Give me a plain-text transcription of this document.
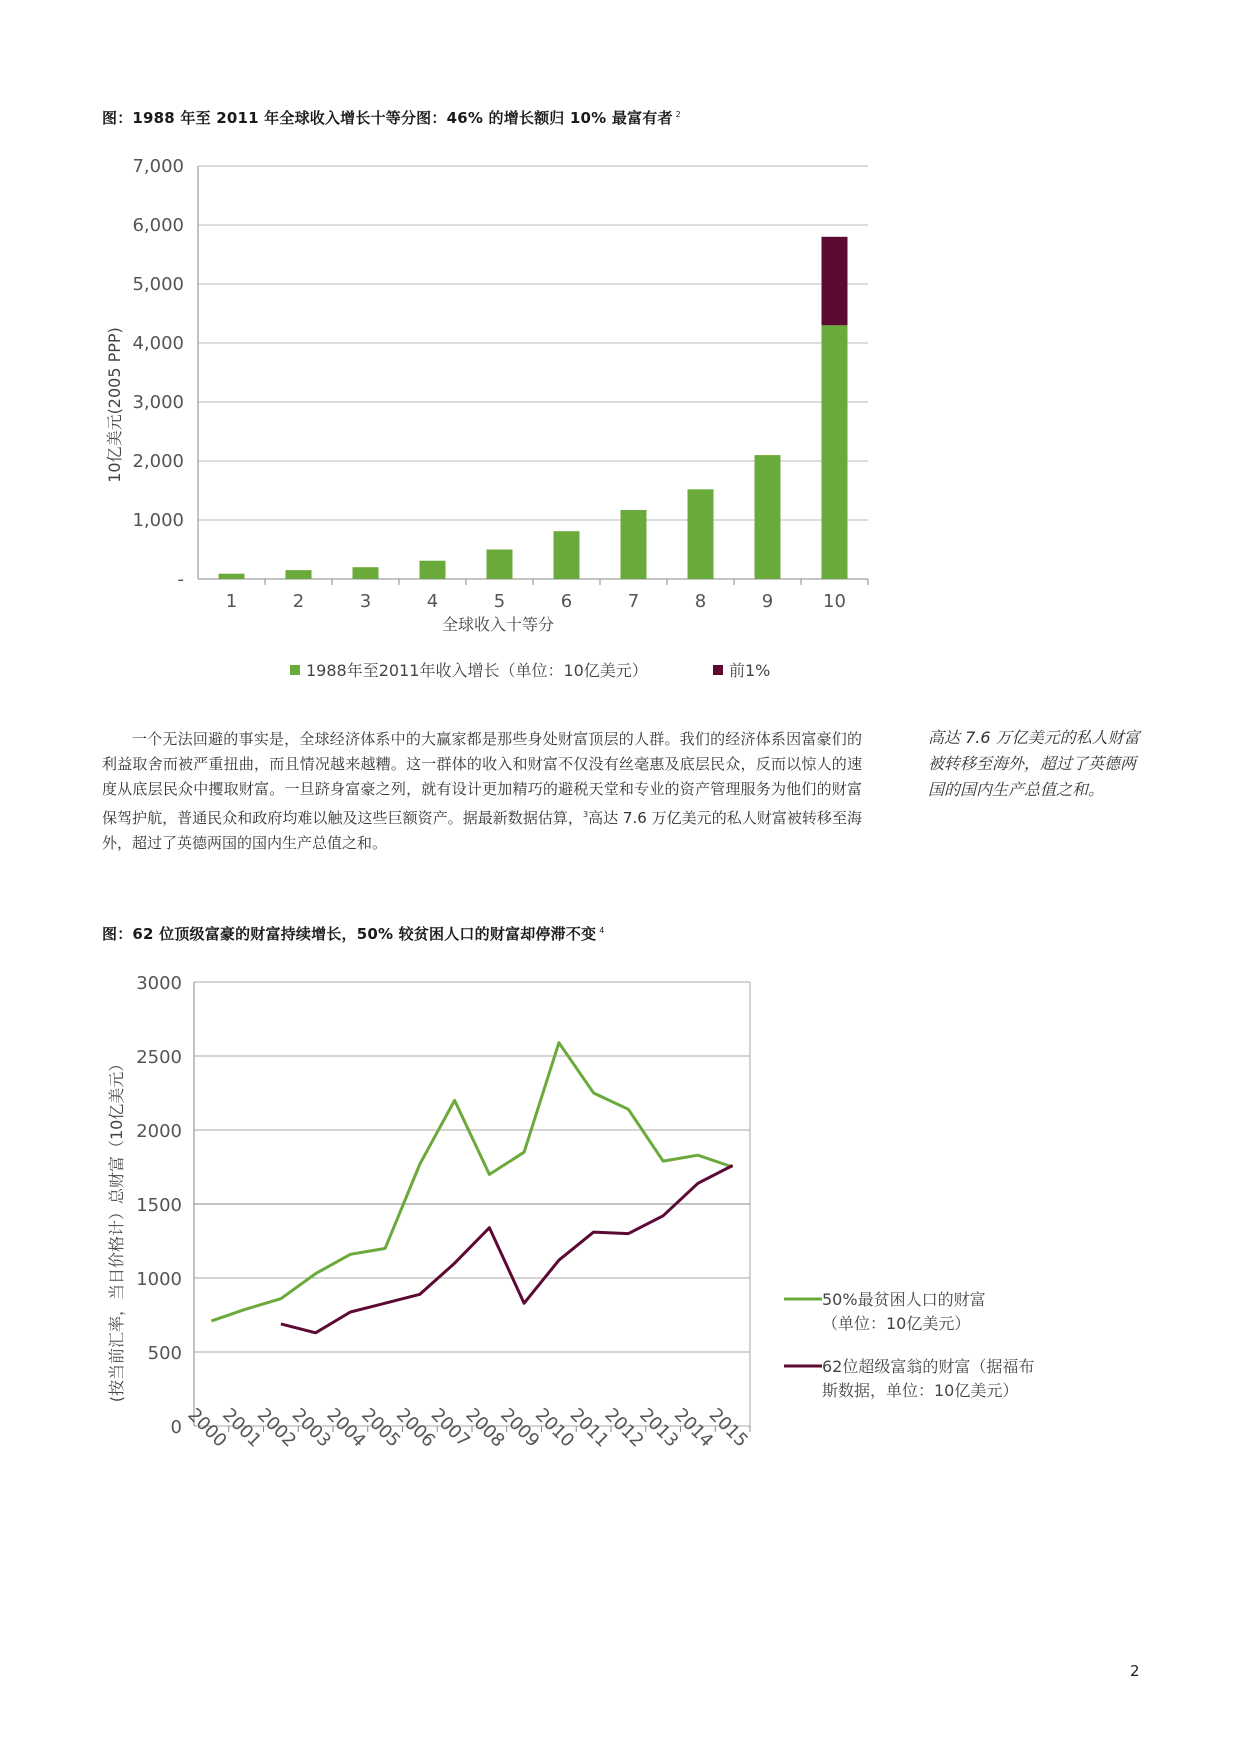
图：1988 年至 2011 年全球收入增长十等分图：46% 的增长额归 10% 最富有者 $^2$
-
1,000
2,000
3,000
4,000
5,000
6,000
7,000
1	2	3	4	5	6	7	8	9	10
10亿美元(2005 PPP)
全球收入十等分
1988年至2011年收入增长（单位：10亿美元）	前1%

一个无法回避的事实是，全球经济体系中的大赢家都是那些身处财富顶层的人群。我们的经济体系因富豪们的利益取舍而被严重扭曲，而且情况越来越糟。这一群体的收入和财富不仅没有丝毫惠及底层民众，反而以惊人的速度从底层民众中攫取财富。一旦跻身富豪之列，就有设计更加精巧的避税天堂和专业的资产管理服务为他们的财富保驾护航，普通民众和政府均难以触及这些巨额资产。据最新数据估算，$^3$高达 7.6 万亿美元的私人财富被转移至海外，超过了英德两国的国内生产总值之和。

高达 7.6 万亿美元的私人财富被转移至海外，超过了英德两国的国内生产总值之和。
图：62 位顶级富豪的财富持续增长，50% 较贫困人口的财富却停滞不变 $^4$
0
500
1000
1500
2000
2500
3000
2000
2001
2002
2003
2004
2005
2006
2007
2008
2009
2010
2011
2012
2013
2014
2015
(按当前汇率，当日价格计）总财富（10亿美元）	50%最贫困人口的财富
（单位：10亿美元）
62位超级富翁的财富（据福布
斯数据，单位：10亿美元）
2
